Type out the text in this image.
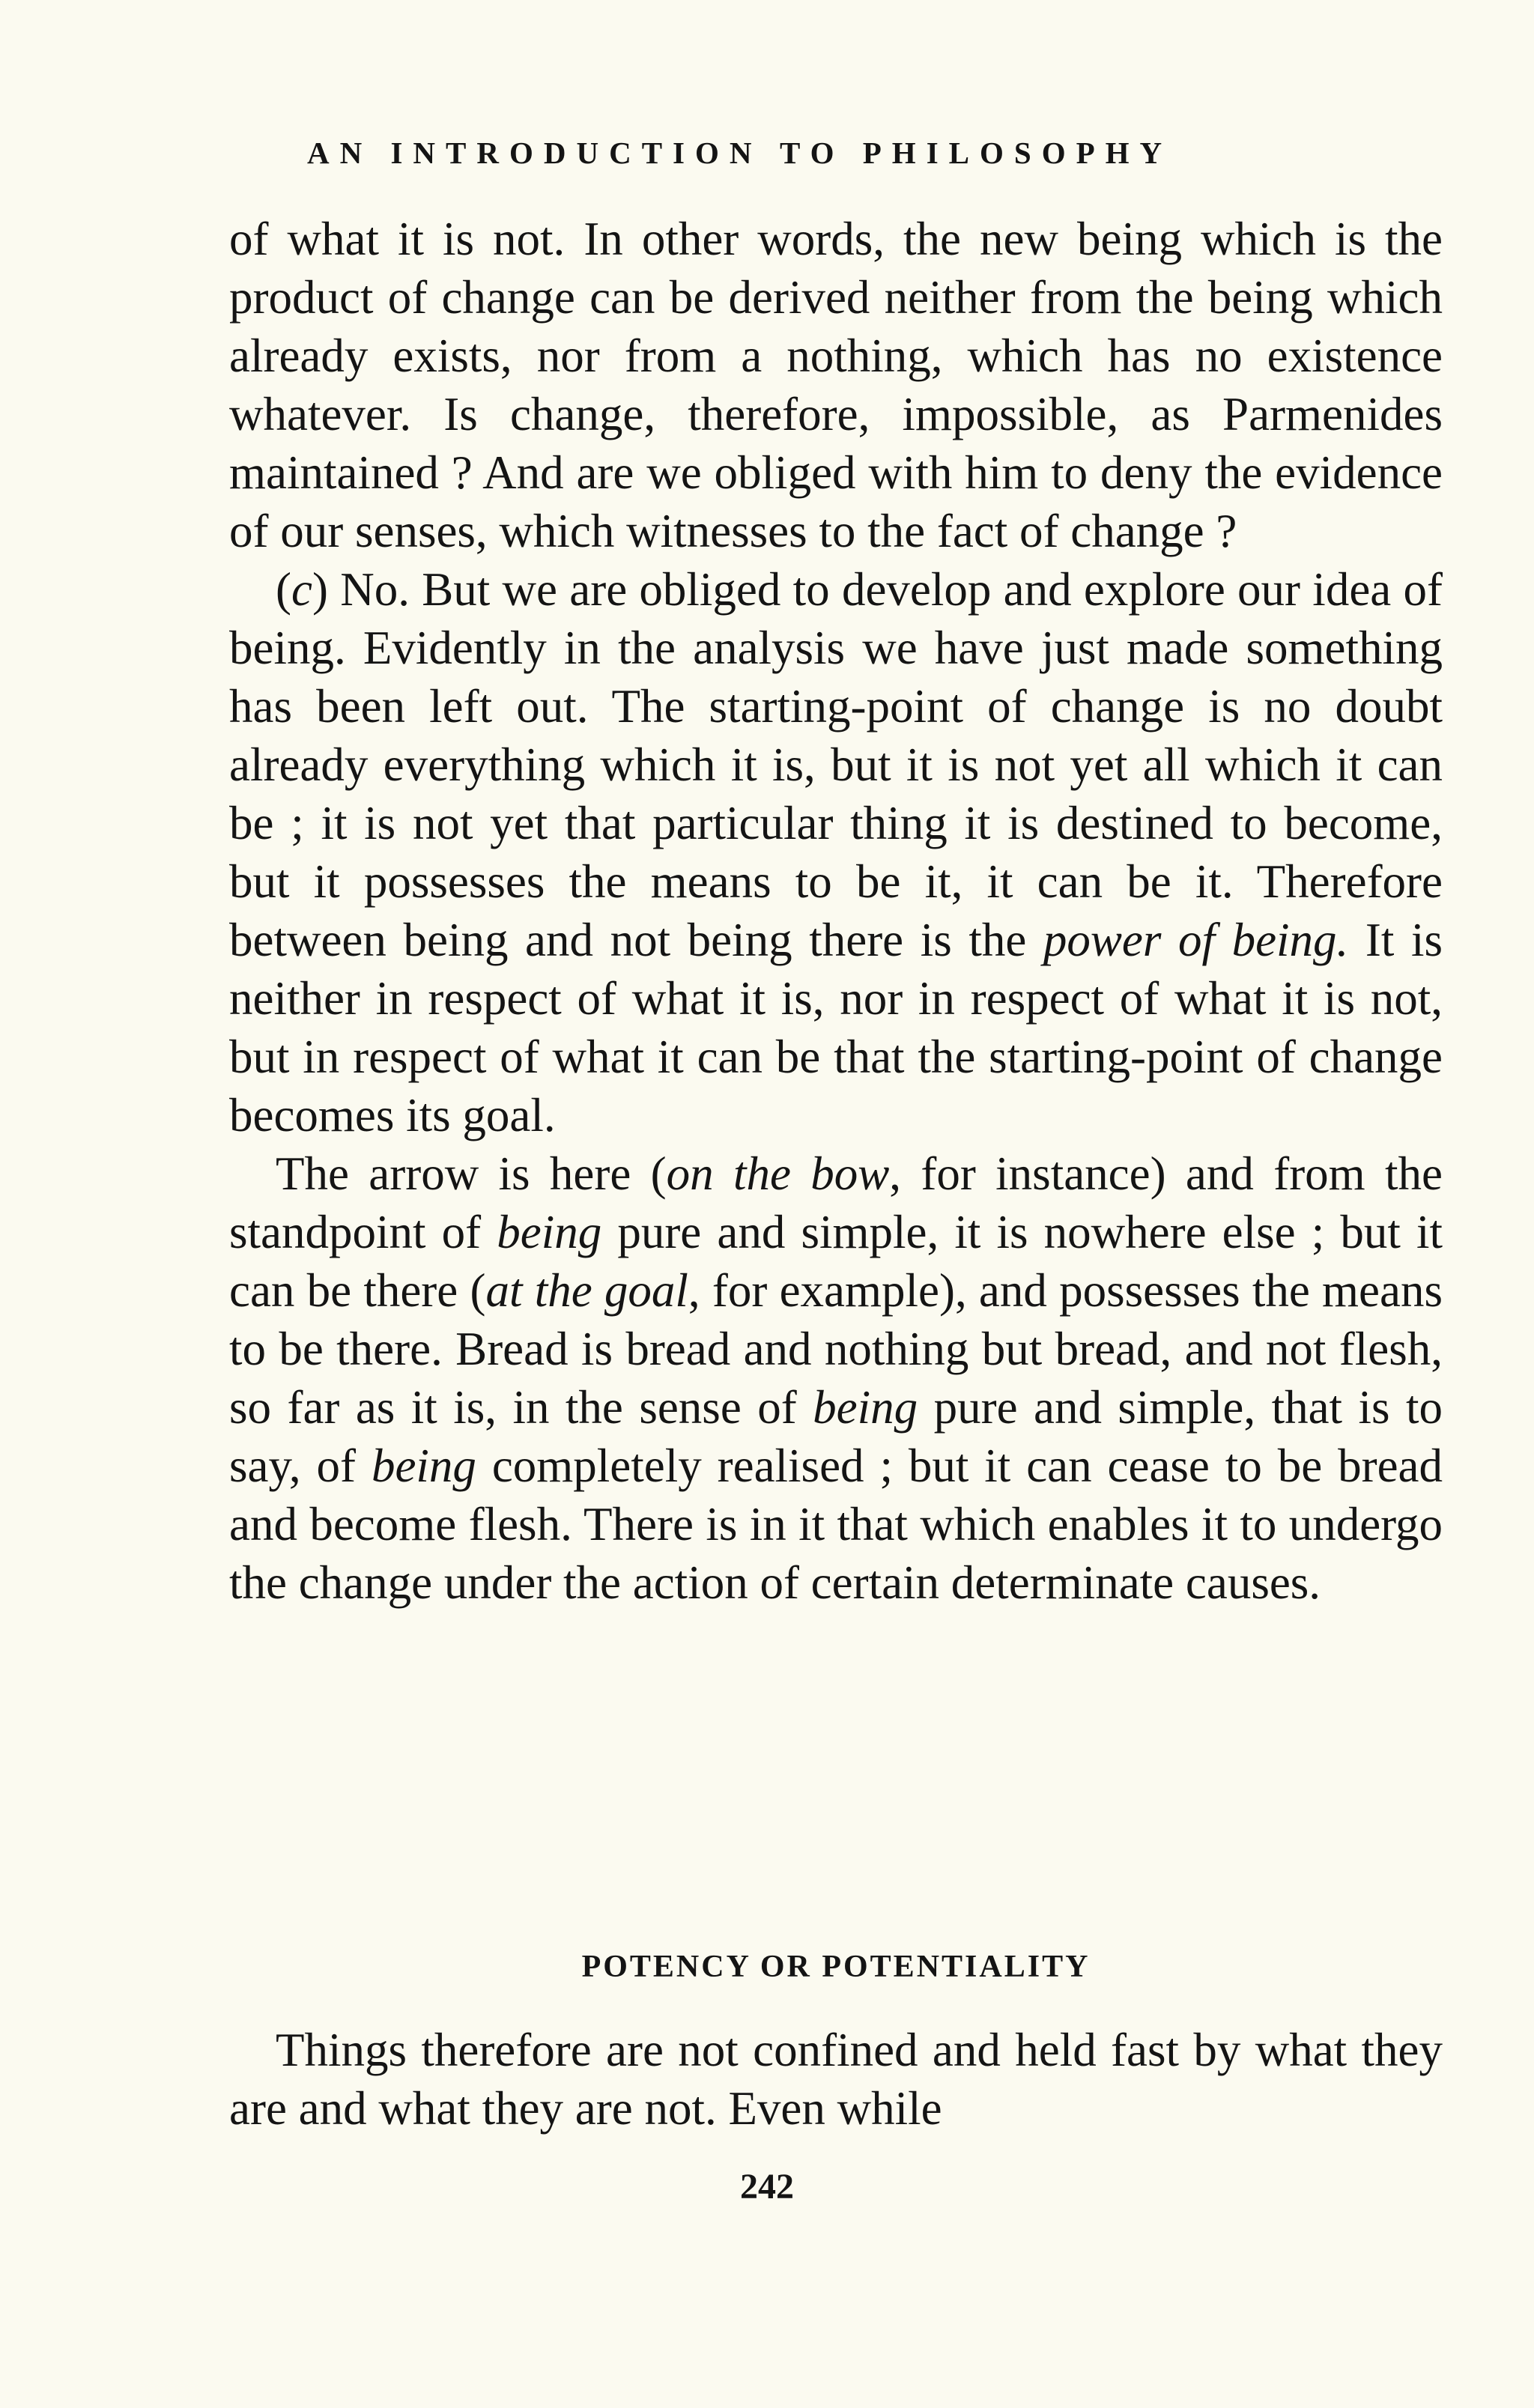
AN INTRODUCTION TO PHILOSOPHY

of what it is not. In other words, the new being which is the product of change can be derived neither from the being which already exists, nor from a nothing, which has no existence whatever. Is change, therefore, impossible, as Parmenides maintained ? And are we obliged with him to deny the evidence of our senses, which witnesses to the fact of change ?

(c) No. But we are obliged to develop and explore our idea of being. Evidently in the analysis we have just made something has been left out. The starting-point of change is no doubt already everything which it is, but it is not yet all which it can be ; it is not yet that particular thing it is destined to become, but it possesses the means to be it, it can be it. Therefore between being and not being there is the power of being. It is neither in respect of what it is, nor in respect of what it is not, but in respect of what it can be that the starting-point of change becomes its goal.

The arrow is here (on the bow, for instance) and from the standpoint of being pure and simple, it is nowhere else ; but it can be there (at the goal, for example), and possesses the means to be there. Bread is bread and nothing but bread, and not flesh, so far as it is, in the sense of being pure and simple, that is to say, of being completely realised ; but it can cease to be bread and become flesh. There is in it that which enables it to undergo the change under the action of certain determinate causes.

POTENCY OR POTENTIALITY

Things therefore are not confined and held fast by what they are and what they are not. Even while

242
